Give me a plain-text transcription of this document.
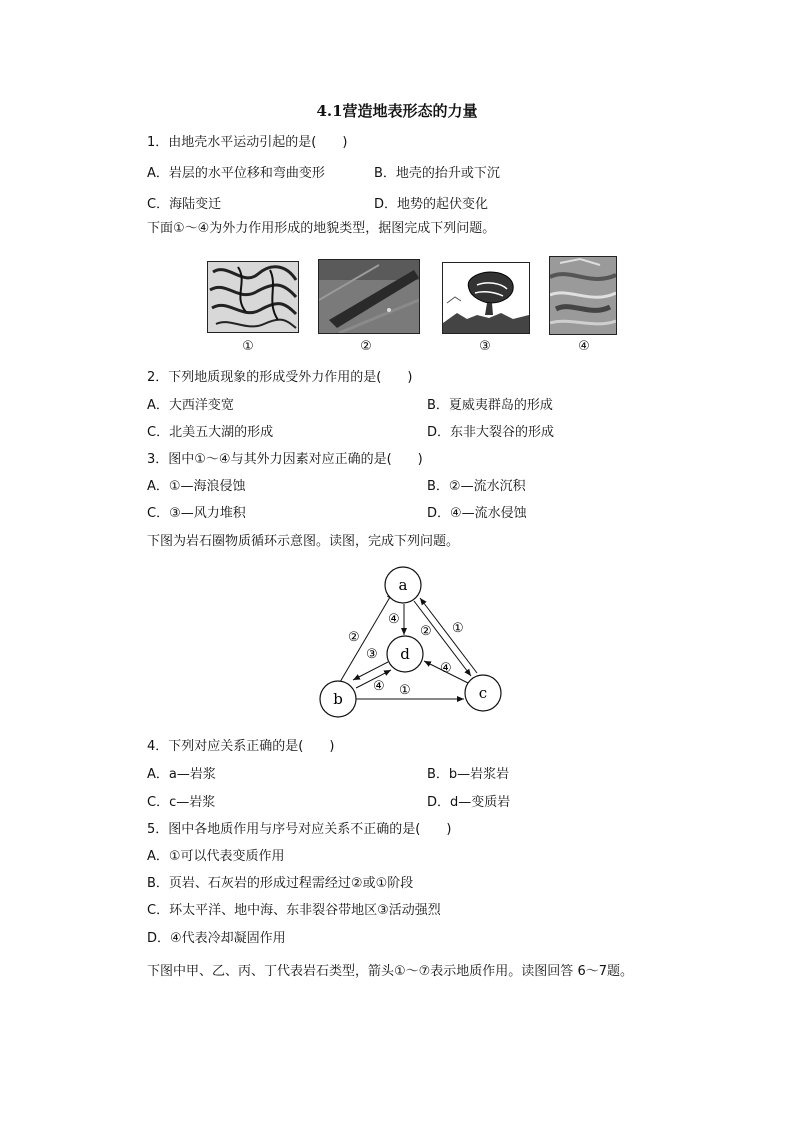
4.1营造地表形态的力量
1．由地壳水平运动引起的是(　　)
A．岩层的水平位移和弯曲变形	B．地壳的抬升或下沉
C．海陆变迁	D．地势的起伏变化
下面①～④为外力作用形成的地貌类型，据图完成下列问题。
①	②	③	④
2．下列地质现象的形成受外力作用的是(　　)
A．大西洋变宽	B．夏威夷群岛的形成
C．北美五大湖的形成	D．东非大裂谷的形成
3．图中①～④与其外力因素对应正确的是(　　)
A．①—海浪侵蚀	B．②—流水沉积
C．③—风力堆积	D．④—流水侵蚀
下图为岩石圈物质循环示意图。读图，完成下列问题。
a
b	c
d
②
④
② ①
③
④
④
①
4．下列对应关系正确的是(　　)
A．a—岩浆	B．b—岩浆岩
C．c—岩浆	D．d—变质岩
5．图中各地质作用与序号对应关系不正确的是(　　)
A．①可以代表变质作用
B．页岩、石灰岩的形成过程需经过②或①阶段
C．环太平洋、地中海、东非裂谷带地区③活动强烈
D．④代表冷却凝固作用
下图中甲、乙、丙、丁代表岩石类型，箭头①～⑦表示地质作用。读图回答 6～7题。
